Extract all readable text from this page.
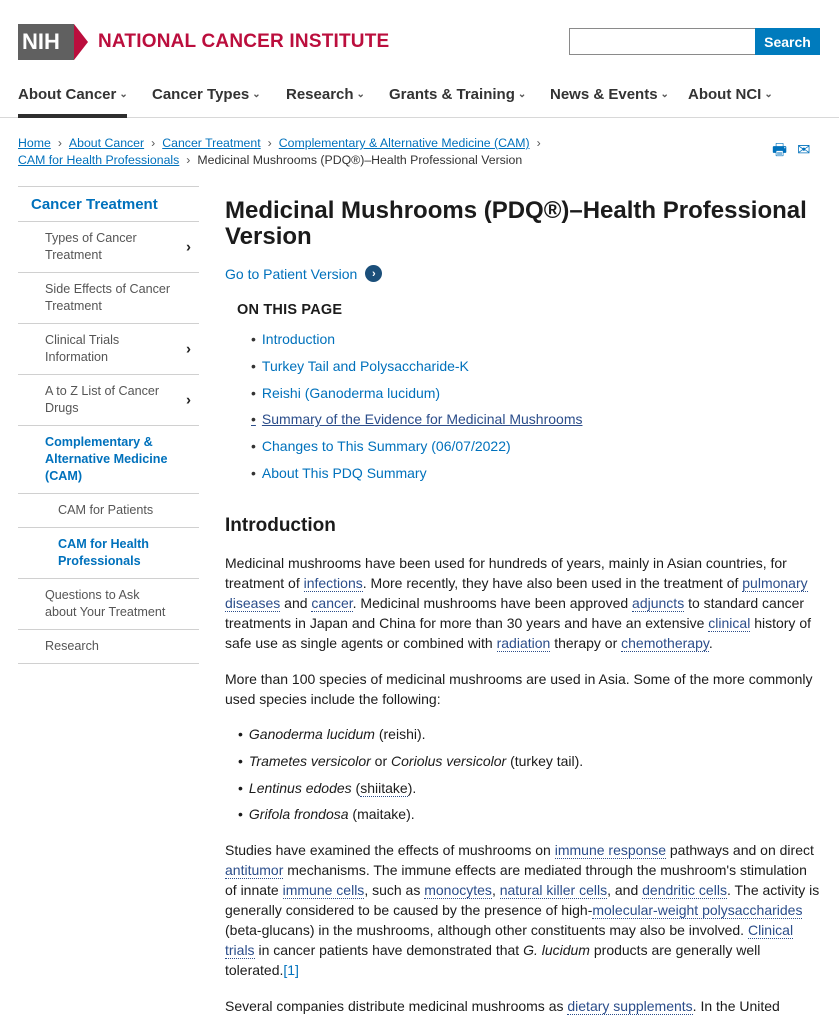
NIH NATIONAL CANCER INSTITUTE	Search
About Cancer ⌄ Cancer Types ⌄ Research ⌄ Grants & Training ⌄ News & Events ⌄ About NCI ⌄
Home › About Cancer › Cancer Treatment › Complementary & Alternative Medicine (CAM) ›
CAM for Health Professionals › Medicinal Mushrooms (PDQ®)–Health Professional Version
🖶 ✉
Cancer Treatment
Types of Cancer Treatment	›
Side Effects of Cancer Treatment
Clinical Trials Information	›
A to Z List of Cancer Drugs	›
Complementary & Alternative Medicine (CAM)
CAM for Patients
CAM for Health Professionals
Questions to Ask about Your Treatment
Research
Medicinal Mushrooms (PDQ®)–Health Professional Version
Go to Patient Version	›
ON THIS PAGE
• Introduction
• Turkey Tail and Polysaccharide-K
• Reishi (Ganoderma lucidum)
• Summary of the Evidence for Medicinal Mushrooms
• Changes to This Summary (06/07/2022)
• About This PDQ Summary
Introduction

Medicinal mushrooms have been used for hundreds of years, mainly in Asian countries, for treatment of infections. More recently, they have also been used in the treatment of pulmonary diseases and cancer. Medicinal mushrooms have been approved adjuncts to standard cancer treatments in Japan and China for more than 30 years and have an extensive clinical history of safe use as single agents or combined with radiation therapy or chemotherapy.

More than 100 species of medicinal mushrooms are used in Asia. Some of the more commonly used species include the following:

• Ganoderma lucidum (reishi).
• Trametes versicolor or Coriolus versicolor (turkey tail).
• Lentinus edodes (shiitake).
• Grifola frondosa (maitake).

Studies have examined the effects of mushrooms on immune response pathways and on direct antitumor mechanisms. The immune effects are mediated through the mushroom's stimulation of innate immune cells, such as monocytes, natural killer cells, and dendritic cells. The activity is generally considered to be caused by the presence of high-molecular-weight polysaccharides (beta-glucans) in the mushrooms, although other constituents may also be involved. Clinical trials in cancer patients have demonstrated that G. lucidum products are generally well tolerated.[1]

Several companies distribute medicinal mushrooms as dietary supplements. In the United
